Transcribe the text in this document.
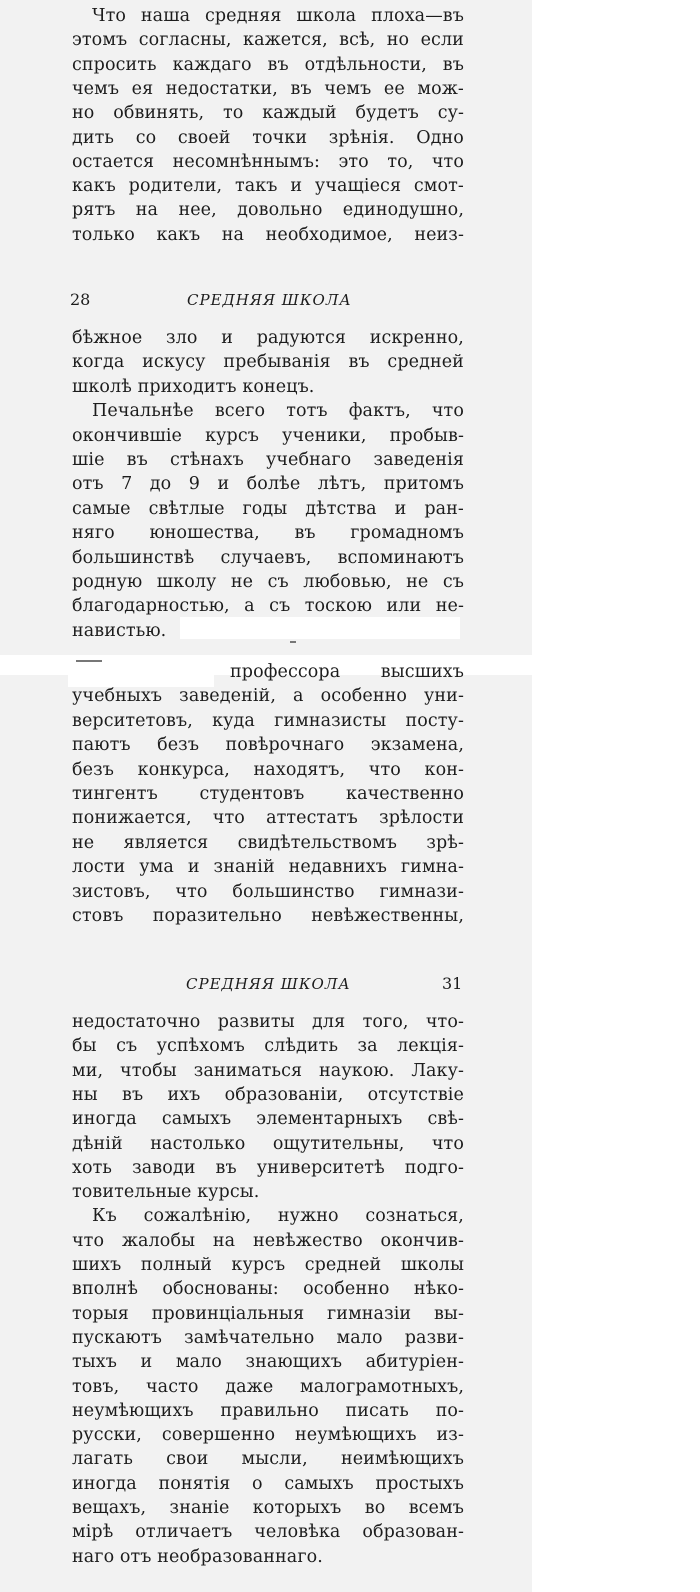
Что наша средняя школа плоха—въ
этомъ согласны, кажется, всѣ, но если
спросить каждаго въ отдѣльности, въ
чемъ ея недостатки, въ чемъ ее мож-
но обвинять, то каждый будетъ су-
дить со своей точки зрѣнія. Одно
остается несомнѣннымъ: это то, что
какъ родители, такъ и учащіеся смот-
рятъ на нее, довольно единодушно,
только какъ на необходимое, неиз-
28	СРЕДНЯЯ ШКОЛА
бѣжное зло и радуются искренно,
когда искусу пребыванія въ средней
школѣ приходитъ конецъ.
Печальнѣе всего тотъ фактъ, что
окончившіе курсъ ученики, пробыв-
шіе въ стѣнахъ учебнаго заведенія
отъ 7 до 9 и болѣе лѣтъ, притомъ
самые свѣтлые годы дѣтства и ран-
няго юношества, въ громадномъ
большинствѣ случаевъ, вспоминаютъ
родную школу не съ любовью, не съ
благодарностью, а съ тоскою или не-
навистью.
профессора высшихъ
учебныхъ заведеній, а особенно уни-
верситетовъ, куда гимназисты посту-
паютъ безъ повѣрочнаго экзамена,
безъ конкурса, находятъ, что кон-
тингентъ студентовъ качественно
понижается, что аттестатъ зрѣлости
не является свидѣтельствомъ зрѣ-
лости ума и знаній недавнихъ гимна-
зистовъ, что большинство гимнази-
стовъ поразительно невѣжественны,
СРЕДНЯЯ ШКОЛА	31
недостаточно развиты для того, что-
бы съ успѣхомъ слѣдить за лекція-
ми, чтобы заниматься наукою. Лаку-
ны въ ихъ образованіи, отсутствіе
иногда самыхъ элементарныхъ свѣ-
дѣній настолько ощутительны, что
хоть заводи въ университетѣ подго-
товительные курсы.
Къ сожалѣнію, нужно сознаться,
что жалобы на невѣжество окончив-
шихъ полный курсъ средней школы
вполнѣ обоснованы: особенно нѣко-
торыя провинціальныя гимназіи вы-
пускаютъ замѣчательно мало разви-
тыхъ и мало знающихъ абитуріен-
товъ, часто даже малограмотныхъ,
неумѣющихъ правильно писать по-
русски, совершенно неумѣющихъ из-
лагать свои мысли, неимѣющихъ
иногда понятія о самыхъ простыхъ
вещахъ, знаніе которыхъ во всемъ
мірѣ отличаетъ человѣка образован-
наго отъ необразованнаго.
